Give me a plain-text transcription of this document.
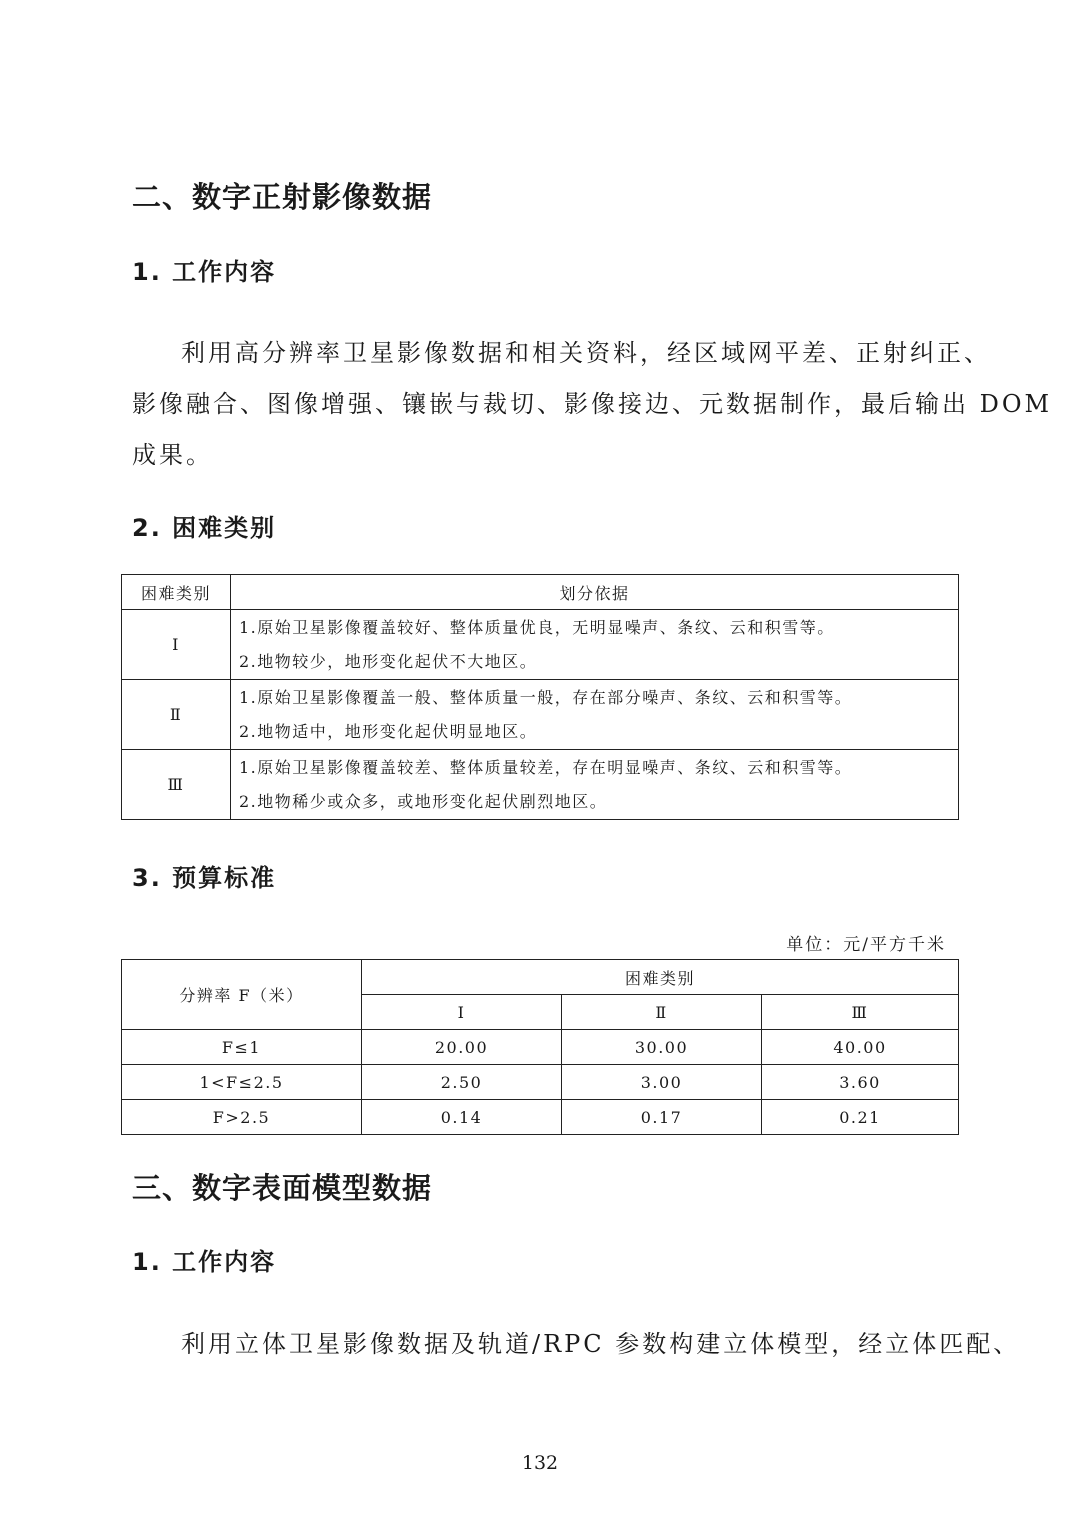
二、数字正射影像数据
1. 工作内容
利用高分辨率卫星影像数据和相关资料，经区域网平差、正射纠正、
影像融合、图像增强、镶嵌与裁切、影像接边、元数据制作，最后输出 DOM
成果。
2. 困难类别
困难类别	划分依据
Ⅰ	1.原始卫星影像覆盖较好、整体质量优良，无明显噪声、条纹、云和积雪等。
2.地物较少，地形变化起伏不大地区。

Ⅱ	1.原始卫星影像覆盖一般、整体质量一般，存在部分噪声、条纹、云和积雪等。
2.地物适中，地形变化起伏明显地区。

Ⅲ	1.原始卫星影像覆盖较差、整体质量较差，存在明显噪声、条纹、云和积雪等。
2.地物稀少或众多，或地形变化起伏剧烈地区。
3. 预算标准
单位：元/平方千米
分辨率 F（米）	困难类别		
	Ⅰ	Ⅱ	Ⅲ
F≤1	20.00	30.00	40.00
1<F≤2.5	2.50	3.00	3.60
F>2.5	0.14	0.17	0.21
三、数字表面模型数据
1. 工作内容
利用立体卫星影像数据及轨道/RPC 参数构建立体模型，经立体匹配、
132
